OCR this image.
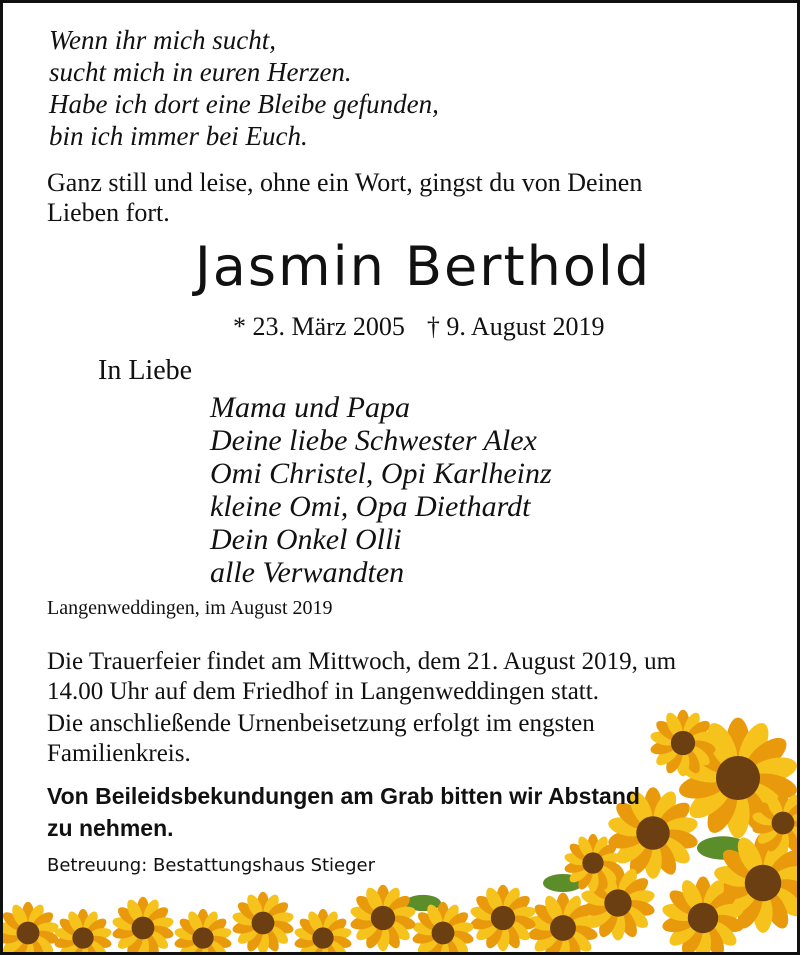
Wenn ihr mich sucht,
sucht mich in euren Herzen.
Habe ich dort eine Bleibe gefunden,
bin ich immer bei Euch.
Ganz still und leise, ohne ein Wort, gingst du von Deinen
Lieben fort.
Jasmin Berthold
* 23. März 2005 † 9. August 2019
In Liebe
Mama und Papa
Deine liebe Schwester Alex
Omi Christel, Opi Karlheinz
kleine Omi, Opa Diethardt
Dein Onkel Olli
alle Verwandten
Langenweddingen, im August 2019
Die Trauerfeier findet am Mittwoch, dem 21. August 2019, um
14.00 Uhr auf dem Friedhof in Langenweddingen statt.
Die anschließende Urnenbeisetzung erfolgt im engsten
Familienkreis.
Von Beileidsbekundungen am Grab bitten wir Abstand
zu nehmen.
Betreuung: Bestattungshaus Stieger
